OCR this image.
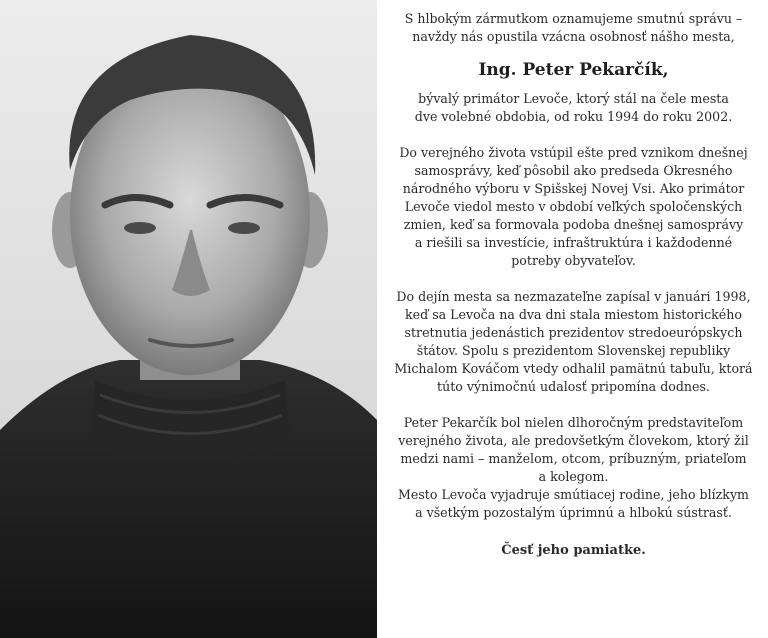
S hlbokým zármutkom oznamujeme smutnú správu –
navždy nás opustila vzácna osobnosť nášho mesta,
Ing. Peter Pekarčík,
bývalý primátor Levoče, ktorý stál na čele mesta
dve volebné obdobia, od roku 1994 do roku 2002.
Do verejného života vstúpil ešte pred vznikom dnešnej
samosprávy, keď pôsobil ako predseda Okresného
národného výboru v Spišskej Novej Vsi. Ako primátor
Levoče viedol mesto v období veľkých spoločenských
zmien, keď sa formovala podoba dnešnej samosprávy
a riešili sa investície, infraštruktúra i každodenné
potreby obyvateľov.
Do dejín mesta sa nezmazateľne zapísal v januári 1998,
keď sa Levoča na dva dni stala miestom historického
stretnutia jedenástich prezidentov stredoeurópskych
štátov. Spolu s prezidentom Slovenskej republiky
Michalom Kováčom vtedy odhalil pamätnú tabuľu, ktorá
túto výnimočnú udalosť pripomína dodnes.
Peter Pekarčík bol nielen dlhoročným predstaviteľom
verejného života, ale predovšetkým človekom, ktorý žil
medzi nami – manželom, otcom, príbuzným, priateľom
a kolegom.
Mesto Levoča vyjadruje smútiacej rodine, jeho blízkym
a všetkým pozostalým úprimnú a hlbokú sústrasť.
Česť jeho pamiatke.
